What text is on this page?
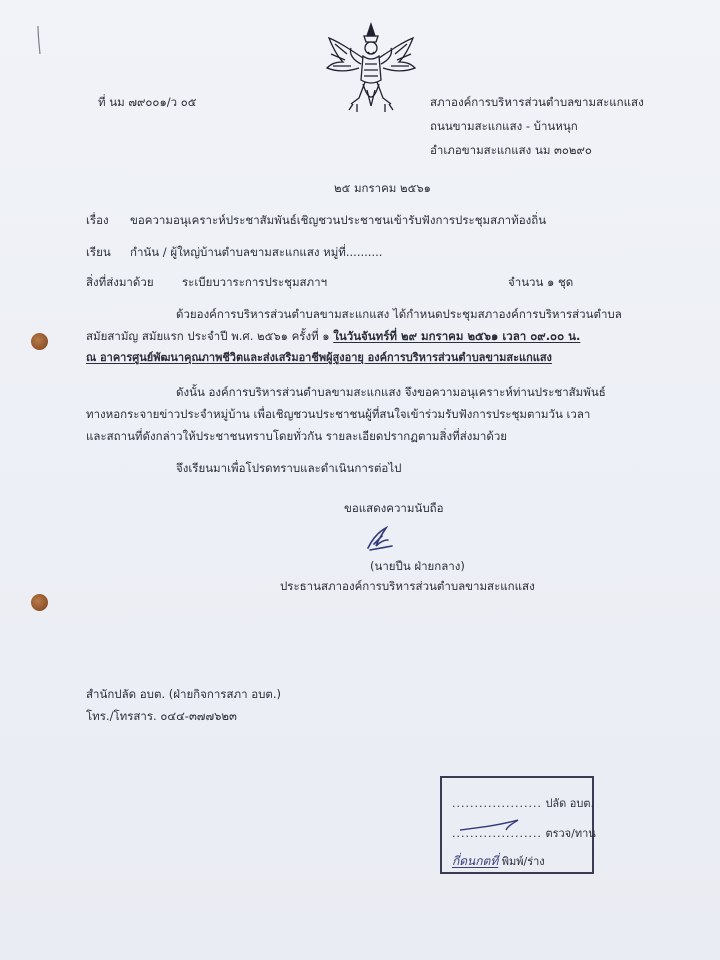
ที่ นม ๗๙๐๐๑/ว ๐๕	สภาองค์การบริหารส่วนตำบลขามสะแกแสง
ถนนขามสะแกแสง - บ้านหนุก
อำเภอขามสะแกแสง นม ๓๐๒๙๐
๒๕ มกราคม ๒๕๖๑
เรื่อง ขอความอนุเคราะห์ประชาสัมพันธ์เชิญชวนประชาชนเข้ารับฟังการประชุมสภาท้องถิ่น
เรียน กำนัน / ผู้ใหญ่บ้านตำบลขามสะแกแสง หมู่ที่..........
สิ่งที่ส่งมาด้วย ระเบียบวาระการประชุมสภาฯ	จำนวน ๑ ชุด
ด้วยองค์การบริหารส่วนตำบลขามสะแกแสง ได้กำหนดประชุมสภาองค์การบริหารส่วนตำบล
สมัยสามัญ สมัยแรก ประจำปี พ.ศ. ๒๕๖๑ ครั้งที่ ๑ ในวันจันทร์ที่ ๒๙ มกราคม ๒๕๖๑ เวลา ๐๙.๐๐ น.
ณ อาคารศูนย์พัฒนาคุณภาพชีวิตและส่งเสริมอาชีพผู้สูงอายุ องค์การบริหารส่วนตำบลขามสะแกแสง
ดังนั้น องค์การบริหารส่วนตำบลขามสะแกแสง จึงขอความอนุเคราะห์ท่านประชาสัมพันธ์
ทางหอกระจายข่าวประจำหมู่บ้าน เพื่อเชิญชวนประชาชนผู้ที่สนใจเข้าร่วมรับฟังการประชุมตามวัน เวลา
และสถานที่ดังกล่าวให้ประชาชนทราบโดยทั่วกัน รายละเอียดปรากฏตามสิ่งที่ส่งมาด้วย
จึงเรียนมาเพื่อโปรดทราบและดำเนินการต่อไป
ขอแสดงความนับถือ
(นายปืน ฝ่ายกลาง)
ประธานสภาองค์การบริหารส่วนตำบลขามสะแกแสง
สำนักปลัด อบต. (ฝ่ายกิจการสภา อบต.)
โทร./โทรสาร. ๐๔๔-๓๗๗๖๒๓
.................... ปลัด อบต.
.................... ตรวจ/ทาน
กี่ดนกตที่ พิมพ์/ร่าง
